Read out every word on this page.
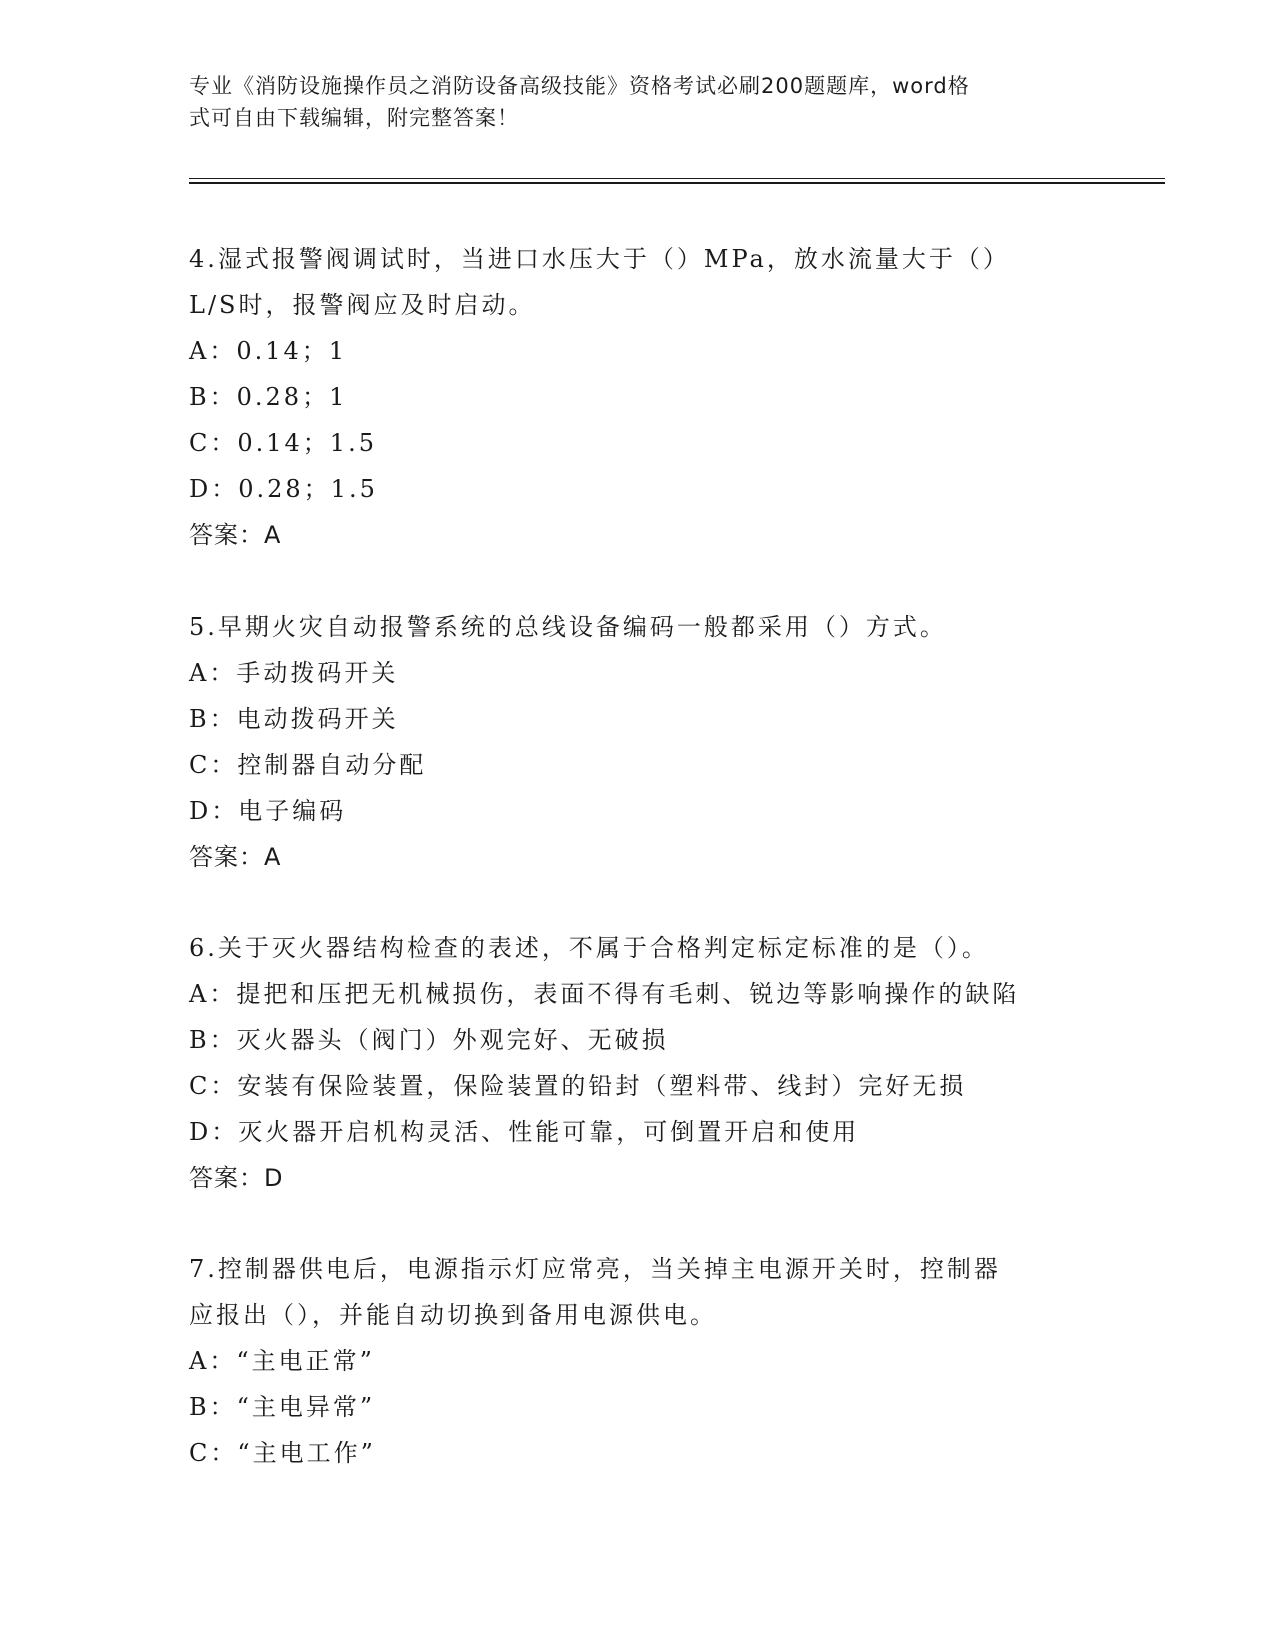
专业《消防设施操作员之消防设备高级技能》资格考试必刷200题题库，word格
式可自由下载编辑，附完整答案！
4.湿式报警阀调试时，当进口水压大于（）MPa，放水流量大于（）
L/S时，报警阀应及时启动。
A：0.14；1
B：0.28；1
C：0.14；1.5
D：0.28；1.5
答案：A
5.早期火灾自动报警系统的总线设备编码一般都采用（）方式。
A：手动拨码开关
B：电动拨码开关
C：控制器自动分配
D：电子编码
答案：A
6.关于灭火器结构检查的表述，不属于合格判定标定标准的是（）。
A：提把和压把无机械损伤，表面不得有毛刺、锐边等影响操作的缺陷
B：灭火器头（阀门）外观完好、无破损
C：安装有保险装置，保险装置的铅封（塑料带、线封）完好无损
D：灭火器开启机构灵活、性能可靠，可倒置开启和使用
答案：D
7.控制器供电后，电源指示灯应常亮，当关掉主电源开关时，控制器
应报出（），并能自动切换到备用电源供电。
A：“主电正常”
B：“主电异常”
C：“主电工作”
